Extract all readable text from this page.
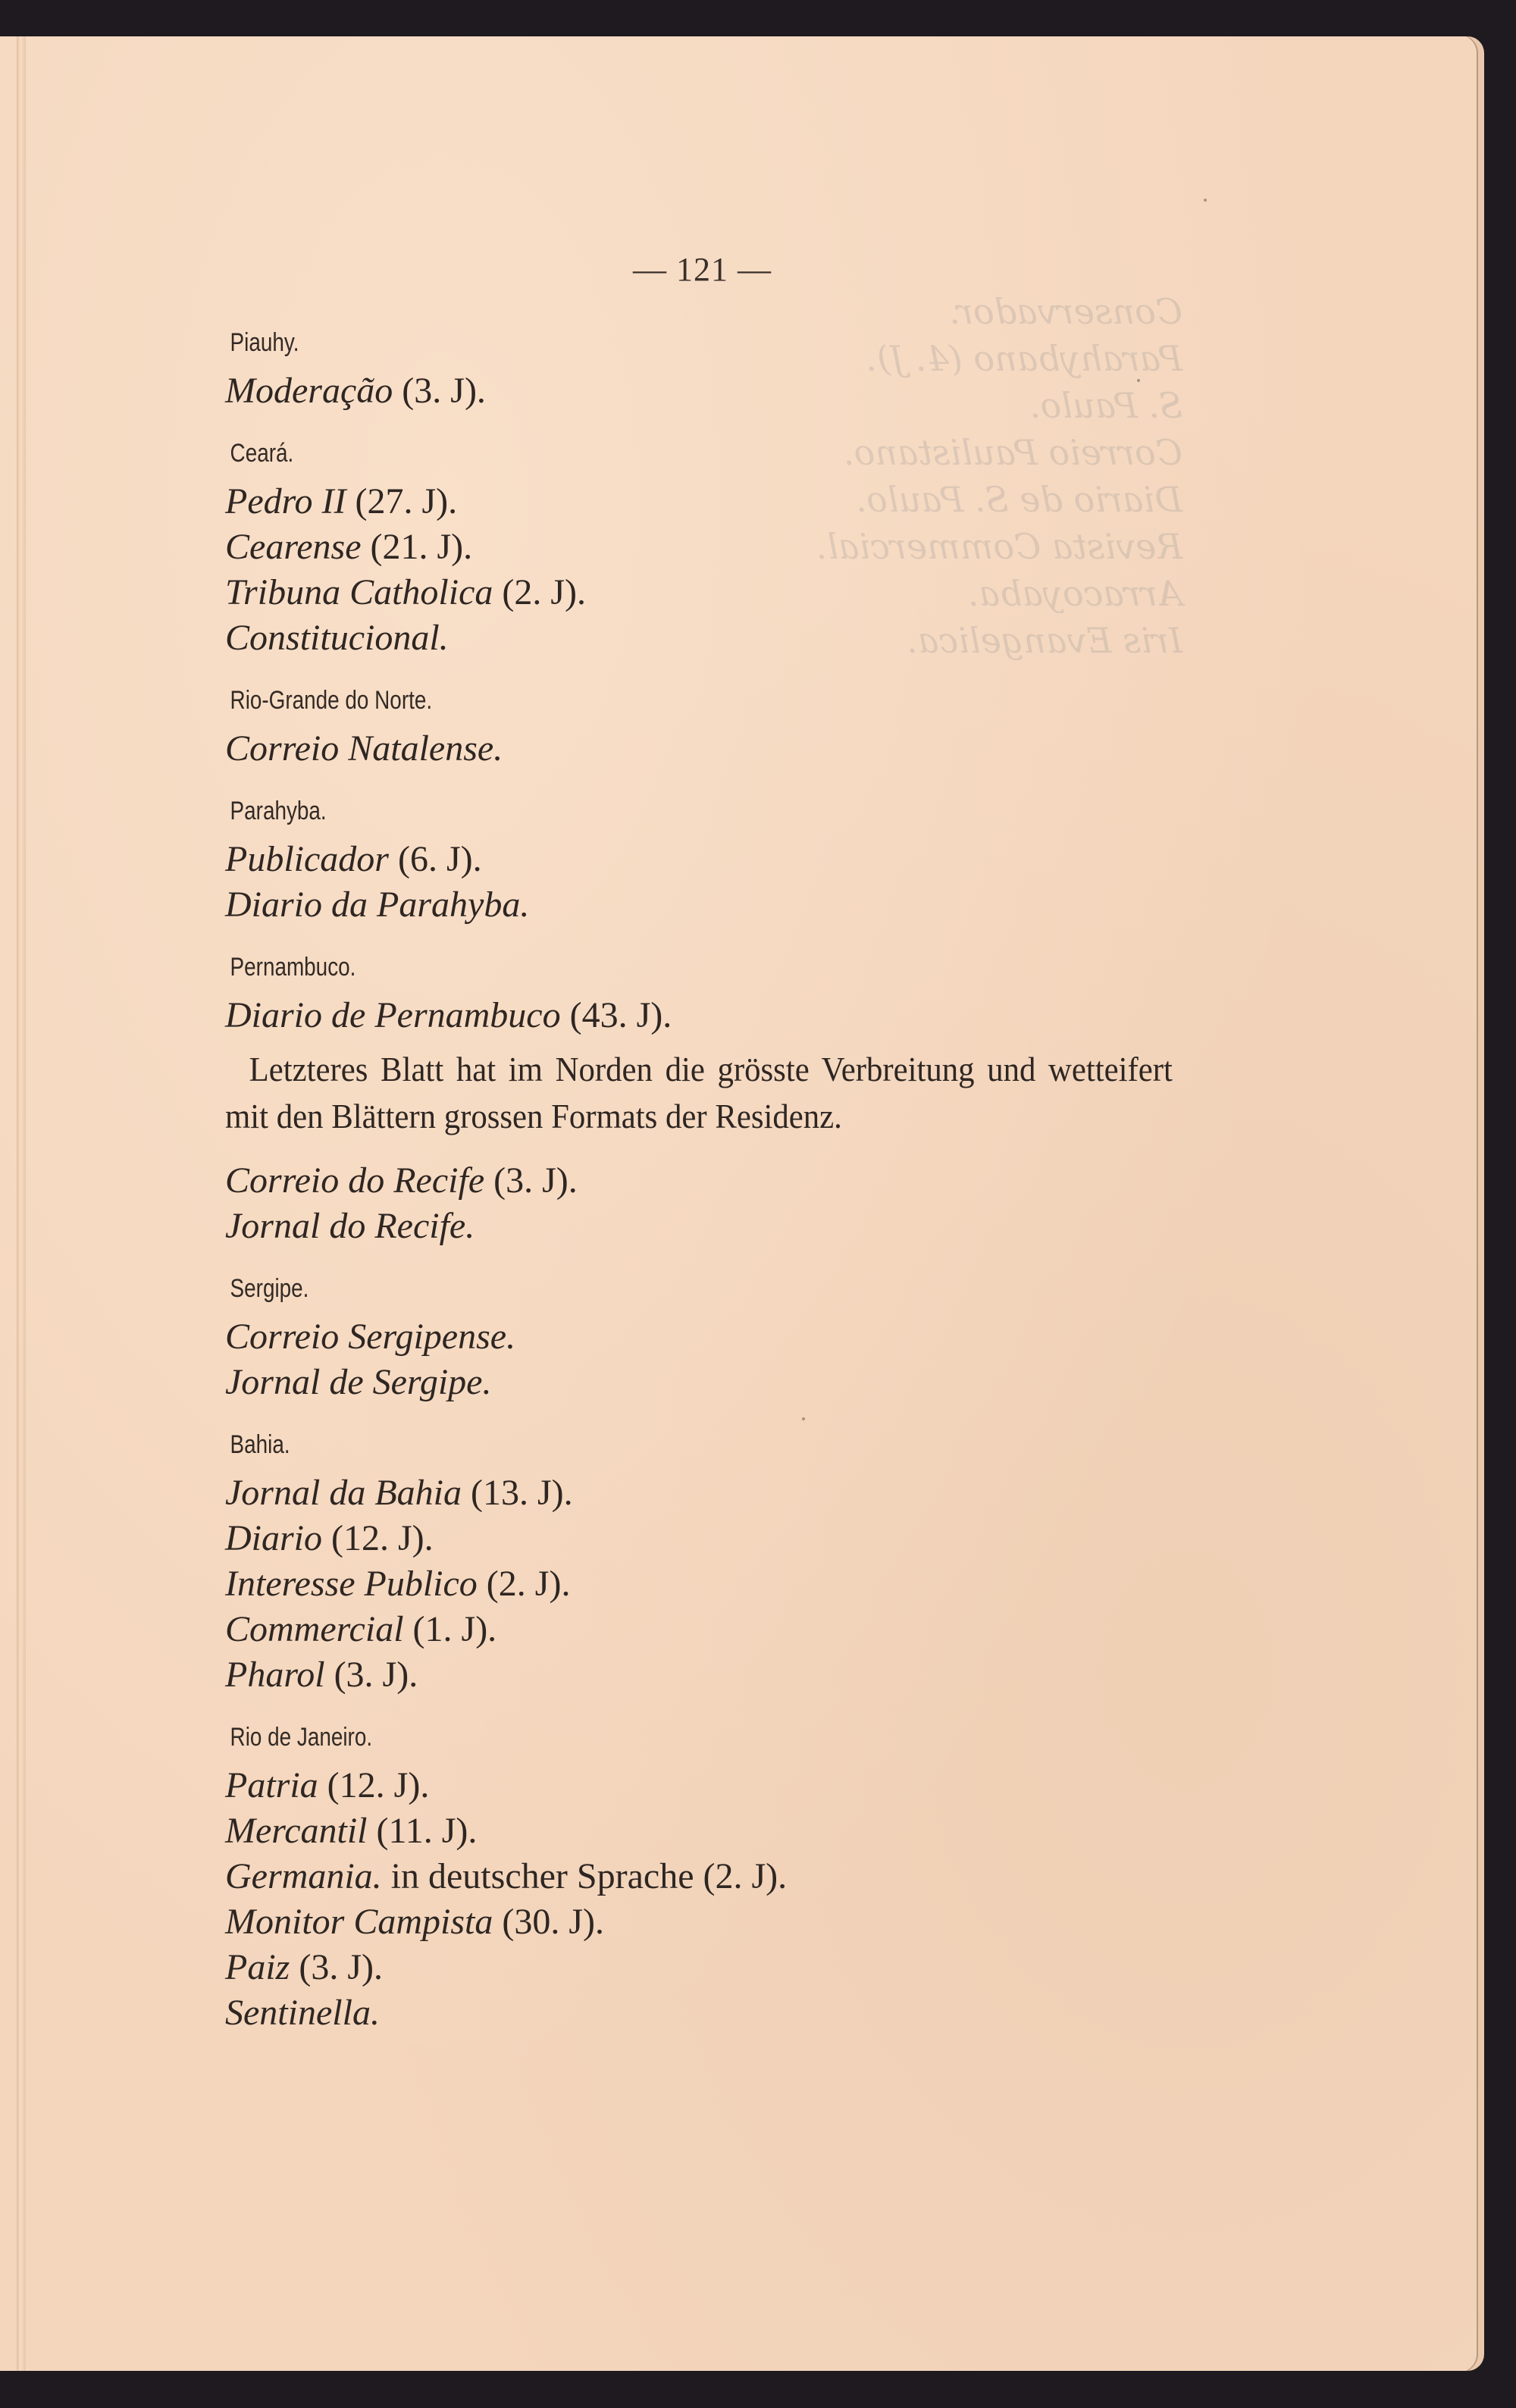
Conservador.
Parahybano (4. J).
S. Paulo.
Correio Paulistano.
Diario de S. Paulo.
Revista Commercial.
Arracoyaba.
Iris Evangelica.
— 121 —
Piauhy.
Moderação (3. J).
Ceará.
Pedro II (27. J).
Cearense (21. J).
Tribuna Catholica (2. J).
Constitucional.
Rio-Grande do Norte.
Correio Natalense.
Parahyba.
Publicador (6. J).
Diario da Parahyba.
Pernambuco.
Diario de Pernambuco (43. J).
Letzteres Blatt hat im Norden die grösste Verbreitung und wetteifert mit den Blättern grossen Formats der Residenz.
Correio do Recife (3. J).
Jornal do Recife.
Sergipe.
Correio Sergipense.
Jornal de Sergipe.
Bahia.
Jornal da Bahia (13. J).
Diario (12. J).
Interesse Publico (2. J).
Commercial (1. J).
Pharol (3. J).
Rio de Janeiro.
Patria (12. J).
Mercantil (11. J).
Germania. in deutscher Sprache (2. J).
Monitor Campista (30. J).
Paiz (3. J).
Sentinella.
